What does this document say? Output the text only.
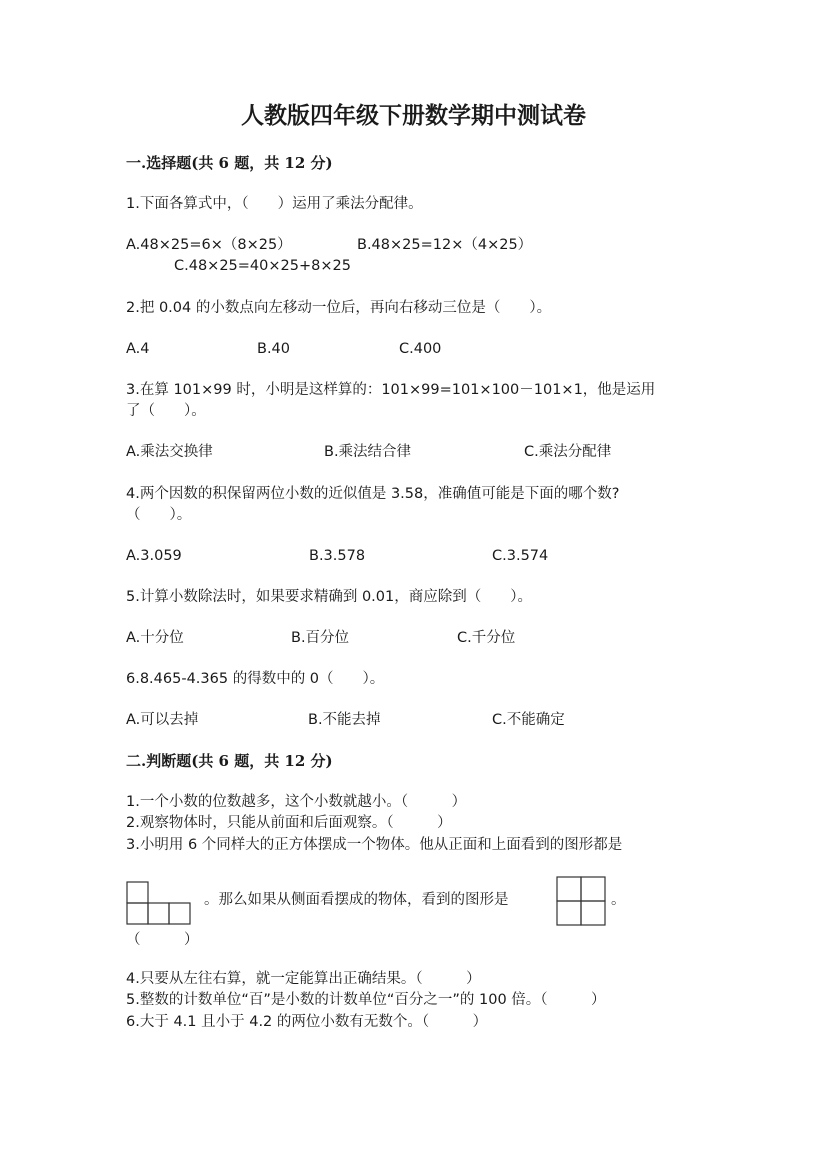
人教版四年级下册数学期中测试卷
一.选择题(共 6 题，共 12 分)
1.下面各算式中，（　　）运用了乘法分配律。
A.48×25=6×（8×25）	B.48×25=12×（4×25）
C.48×25=40×25+8×25
2.把 0.04 的小数点向左移动一位后，再向右移动三位是（　　）。
A.4	B.40	C.400
3.在算 101×99 时，小明是这样算的：101×99=101×100－101×1，他是运用
了（　　）。
A.乘法交换律	B.乘法结合律	C.乘法分配律
4.两个因数的积保留两位小数的近似值是 3.58，准确值可能是下面的哪个数?
（　　）。
A.3.059	B.3.578	C.3.574
5.计算小数除法时，如果要求精确到 0.01，商应除到（　　）。
A.十分位	B.百分位	C.千分位
6.8.465-4.365 的得数中的 0（　　）。
A.可以去掉	B.不能去掉	C.不能确定
二.判断题(共 6 题，共 12 分)
1.一个小数的位数越多，这个小数就越小。（　　　）
2.观察物体时，只能从前面和后面观察。（　　　）
3.小明用 6 个同样大的正方体摆成一个物体。他从正面和上面看到的图形都是
。那么如果从侧面看摆成的物体，看到的图形是	。
（　　　）
4.只要从左往右算，就一定能算出正确结果。（　　　）
5.整数的计数单位“百”是小数的计数单位“百分之一”的 100 倍。（　　　）
6.大于 4.1 且小于 4.2 的两位小数有无数个。（　　　）
